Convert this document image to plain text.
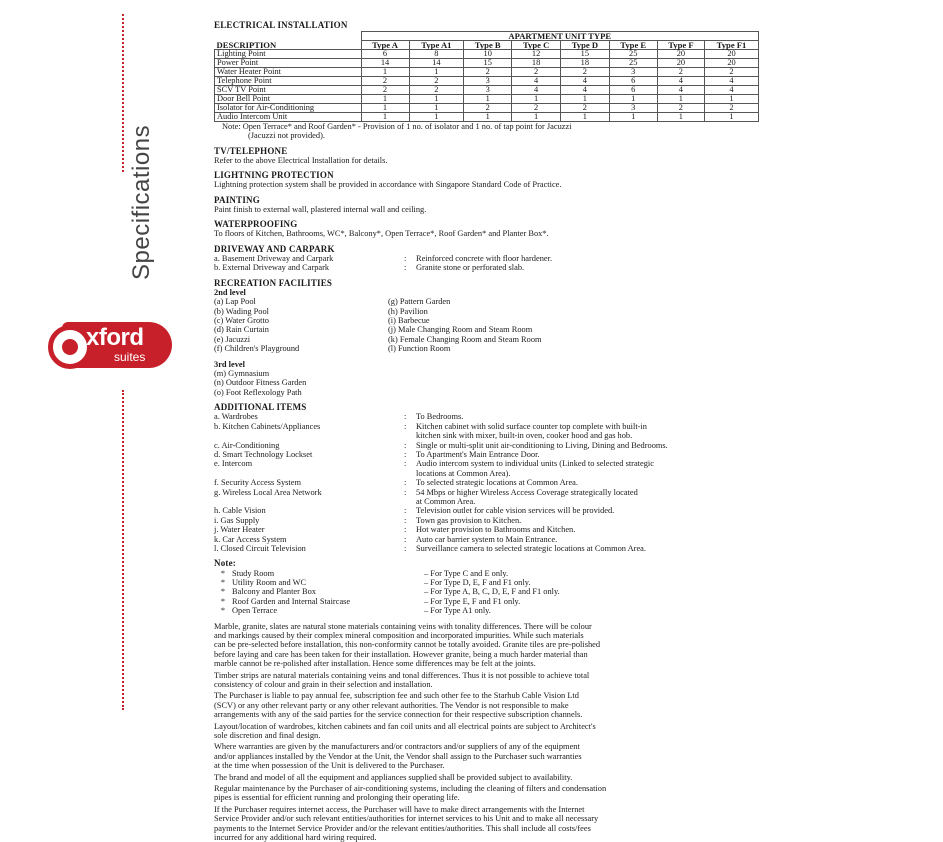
Specifications
xford
suites
ELECTRICAL INSTALLATION
DESCRIPTION	APARTMENT UNIT TYPE							
	Type A	Type A1	Type B	Type C	Type D	Type E	Type F	Type F1
Lighting Point	6	8	10	12	15	25	20	20
Power Point	14	14	15	18	18	25	20	20
Water Heater Point	1	1	2	2	2	3	2	2
Telephone Point	2	2	3	4	4	6	4	4
SCV TV Point	2	2	3	4	4	6	4	4
Door Bell Point	1	1	1	1	1	1	1	1
Isolator for Air-Conditioning	1	1	2	2	2	3	2	2
Audio Intercom Unit	1	1	1	1	1	1	1	1
Note: Open Terrace* and Roof Garden* - Provision of 1 no. of isolator and 1 no. of tap point for Jacuzzi
(Jacuzzi not provided).
TV/TELEPHONE
Refer to the above Electrical Installation for details.
LIGHTNING PROTECTION
Lightning protection system shall be provided in accordance with Singapore Standard Code of Practice.
PAINTING
Paint finish to external wall, plastered internal wall and ceiling.
WATERPROOFING
To floors of Kitchen, Bathrooms, WC*, Balcony*, Open Terrace*, Roof Garden* and Planter Box*.
DRIVEWAY AND CARPARK
a. Basement Driveway and Carpark	:	Reinforced concrete with floor hardener.
b. External Driveway and Carpark	:	Granite stone or perforated slab.
RECREATION FACILITIES
2nd level
(a) Lap Pool
(b) Wading Pool
(c) Water Grotto
(d) Rain Curtain
(e) Jacuzzi
(f) Children's Playground
(g) Pattern Garden
(h) Pavilion
(i) Barbecue
(j) Male Changing Room and Steam Room
(k) Female Changing Room and Steam Room
(l) Function Room
3rd level
(m) Gymnasium
(n) Outdoor Fitness Garden
(o) Foot Reflexology Path
ADDITIONAL ITEMS
a. Wardrobes	:	To Bedrooms.
b. Kitchen Cabinets/Appliances	:	Kitchen cabinet with solid surface counter top complete with built-in
kitchen sink with mixer, built-in oven, cooker hood and gas hob.
c. Air-Conditioning	:	Single or multi-split unit air-conditioning to Living, Dining and Bedrooms.
d. Smart Technology Lockset	:	To Apartment's Main Entrance Door.
e. Intercom	:	Audio intercom system to individual units (Linked to selected strategic
locations at Common Area).
f. Security Access System	:	To selected strategic locations at Common Area.
g. Wireless Local Area Network	:	54 Mbps or higher Wireless Access Coverage strategically located
at Common Area.
h. Cable Vision	:	Television outlet for cable vision services will be provided.
i. Gas Supply	:	Town gas provision to Kitchen.
j. Water Heater	:	Hot water provision to Bathrooms and Kitchen.
k. Car Access System	:	Auto car barrier system to Main Entrance.
l. Closed Circuit Television	:	Surveillance camera to selected strategic locations at Common Area.
Note:
* Study Room	– For Type C and E only.
* Utility Room and WC	– For Type D, E, F and F1 only.
* Balcony and Planter Box	– For Type A, B, C, D, E, F and F1 only.
* Roof Garden and Internal Staircase	– For Type E, F and F1 only.
* Open Terrace	– For Type A1 only.
Marble, granite, slates are natural stone materials containing veins with tonality differences. There will be colour
and markings caused by their complex mineral composition and incorporated impurities. While such materials
can be pre-selected before installation, this non-conformity cannot be totally avoided. Granite tiles are pre-polished
before laying and care has been taken for their installation. However granite, being a much harder material than
marble cannot be re-polished after installation. Hence some differences may be felt at the joints.
Timber strips are natural materials containing veins and tonal differences. Thus it is not possible to achieve total
consistency of colour and grain in their selection and installation.
The Purchaser is liable to pay annual fee, subscription fee and such other fee to the Starhub Cable Vision Ltd
(SCV) or any other relevant party or any other relevant authorities. The Vendor is not responsible to make
arrangements with any of the said parties for the service connection for their respective subscription channels.
Layout/location of wardrobes, kitchen cabinets and fan coil units and all electrical points are subject to Architect's
sole discretion and final design.
Where warranties are given by the manufacturers and/or contractors and/or suppliers of any of the equipment
and/or appliances installed by the Vendor at the Unit, the Vendor shall assign to the Purchaser such warranties
at the time when possession of the Unit is delivered to the Purchaser.
The brand and model of all the equipment and appliances supplied shall be provided subject to availability.
Regular maintenance by the Purchaser of air-conditioning systems, including the cleaning of filters and condensation
pipes is essential for efficient running and prolonging their operating life.
If the Purchaser requires internet access, the Purchaser will have to make direct arrangements with the Internet
Service Provider and/or such relevant entities/authorities for internet services to his Unit and to make all necessary
payments to the Internet Service Provider and/or the relevant entities/authorities. This shall include all costs/fees
incurred for any additional hard wiring required.
